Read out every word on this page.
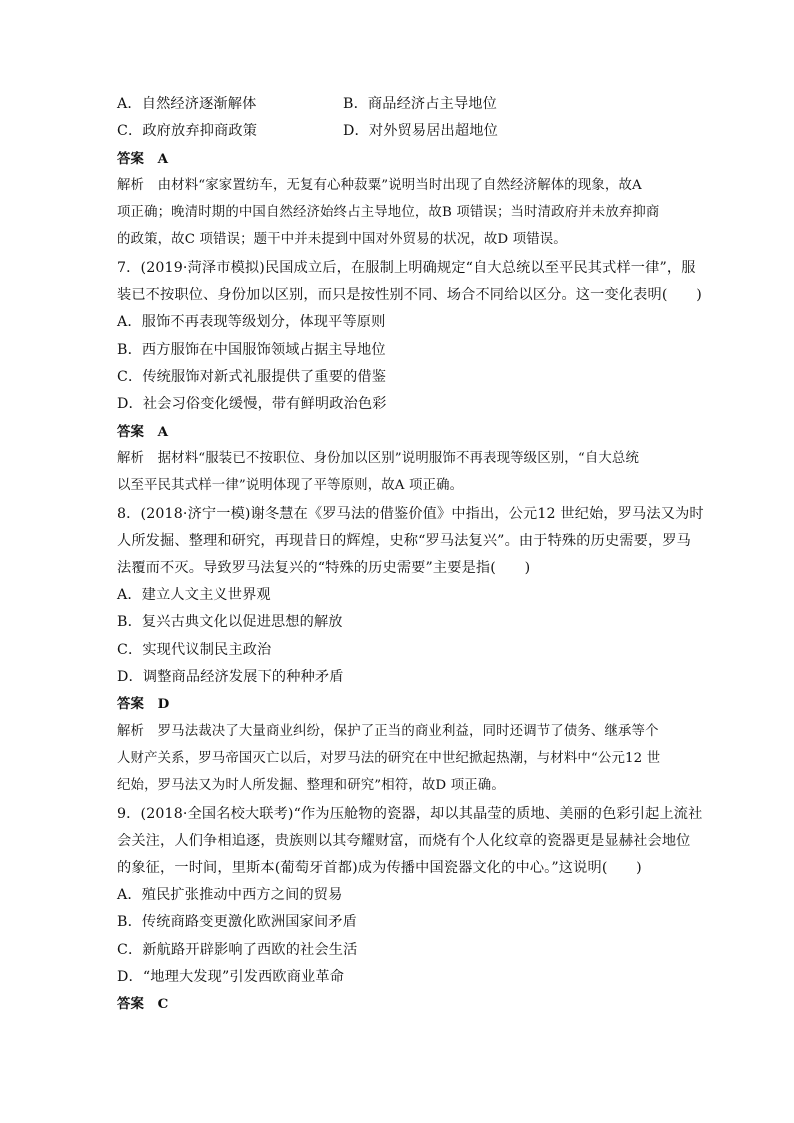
A．自然经济逐渐解体	B．商品经济占主导地位
C．政府放弃抑商政策	D．对外贸易居出超地位
答案　A
解析　由材料“家家置纺车，无复有心种菽粟”说明当时出现了自然经济解体的现象，故A
项正确；晚清时期的中国自然经济始终占主导地位，故B 项错误；当时清政府并未放弃抑商
的政策，故C 项错误；题干中并未提到中国对外贸易的状况，故D 项错误。
7．(2019·菏泽市模拟)民国成立后，在服制上明确规定“自大总统以至平民其式样一律”，服
装已不按职位、身份加以区别，而只是按性别不同、场合不同给以区分。这一变化表明(　　)
A．服饰不再表现等级划分，体现平等原则
B．西方服饰在中国服饰领域占据主导地位
C．传统服饰对新式礼服提供了重要的借鉴
D．社会习俗变化缓慢，带有鲜明政治色彩
答案　A
解析　据材料“服装已不按职位、身份加以区别”说明服饰不再表现等级区别，“自大总统
以至平民其式样一律”说明体现了平等原则，故A 项正确。
8．(2018·济宁一模)谢冬慧在《罗马法的借鉴价值》中指出，公元12 世纪始，罗马法又为时
人所发掘、整理和研究，再现昔日的辉煌，史称“罗马法复兴”。由于特殊的历史需要，罗马
法覆而不灭。导致罗马法复兴的“特殊的历史需要”主要是指(　　)
A．建立人文主义世界观
B．复兴古典文化以促进思想的解放
C．实现代议制民主政治
D．调整商品经济发展下的种种矛盾
答案　D
解析　罗马法裁决了大量商业纠纷，保护了正当的商业利益，同时还调节了债务、继承等个
人财产关系，罗马帝国灭亡以后，对罗马法的研究在中世纪掀起热潮，与材料中“公元12 世
纪始，罗马法又为时人所发掘、整理和研究”相符，故D 项正确。
9．(2018·全国名校大联考)“作为压舱物的瓷器，却以其晶莹的质地、美丽的色彩引起上流社
会关注，人们争相追逐，贵族则以其夸耀财富，而烧有个人化纹章的瓷器更是显赫社会地位
的象征，一时间，里斯本(葡萄牙首都)成为传播中国瓷器文化的中心。”这说明(　　)
A．殖民扩张推动中西方之间的贸易
B．传统商路变更激化欧洲国家间矛盾
C．新航路开辟影响了西欧的社会生活
D．“地理大发现”引发西欧商业革命
答案　C
